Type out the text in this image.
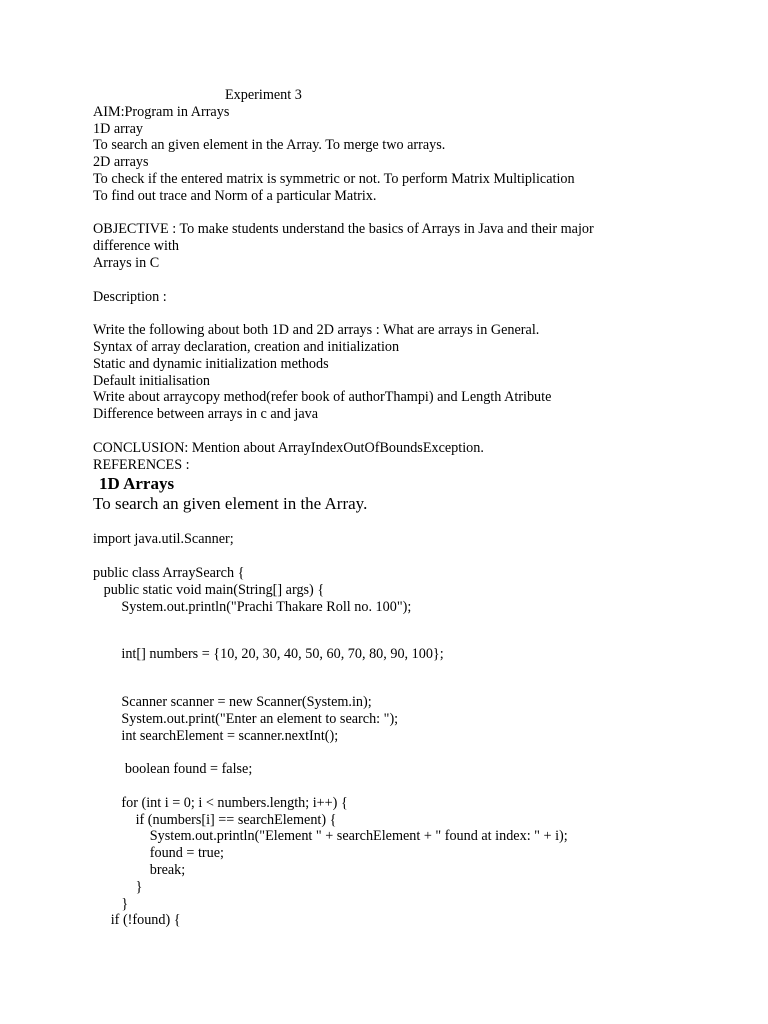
Experiment 3

AIM:Program in Arrays

1D array

To search an given element in the Array. To merge two arrays.

2D arrays

To check if the entered matrix is symmetric or not. To perform Matrix Multiplication

To find out trace and Norm of a particular Matrix.

OBJECTIVE : To make students understand the basics of Arrays in Java and their major

difference with

Arrays in C

Description :

Write the following about both 1D and 2D arrays : What are arrays in General.

Syntax of array declaration, creation and initialization

Static and dynamic initialization methods

Default initialisation

Write about arraycopy method(refer book of authorThampi) and Length Atribute

Difference between arrays in c and java

CONCLUSION: Mention about ArrayIndexOutOfBoundsException.

REFERENCES :

1D Arrays

To search an given element in the Array.

import java.util.Scanner;

public class ArraySearch {

public static void main(String[] args) {

System.out.println("Prachi Thakare Roll no. 100");

int[] numbers = {10, 20, 30, 40, 50, 60, 70, 80, 90, 100};

Scanner scanner = new Scanner(System.in);

System.out.print("Enter an element to search: ");

int searchElement = scanner.nextInt();

boolean found = false;

for (int i = 0; i < numbers.length; i++) {

if (numbers[i] == searchElement) {

System.out.println("Element " + searchElement + " found at index: " + i);

found = true;

break;

}

}

if (!found) {
